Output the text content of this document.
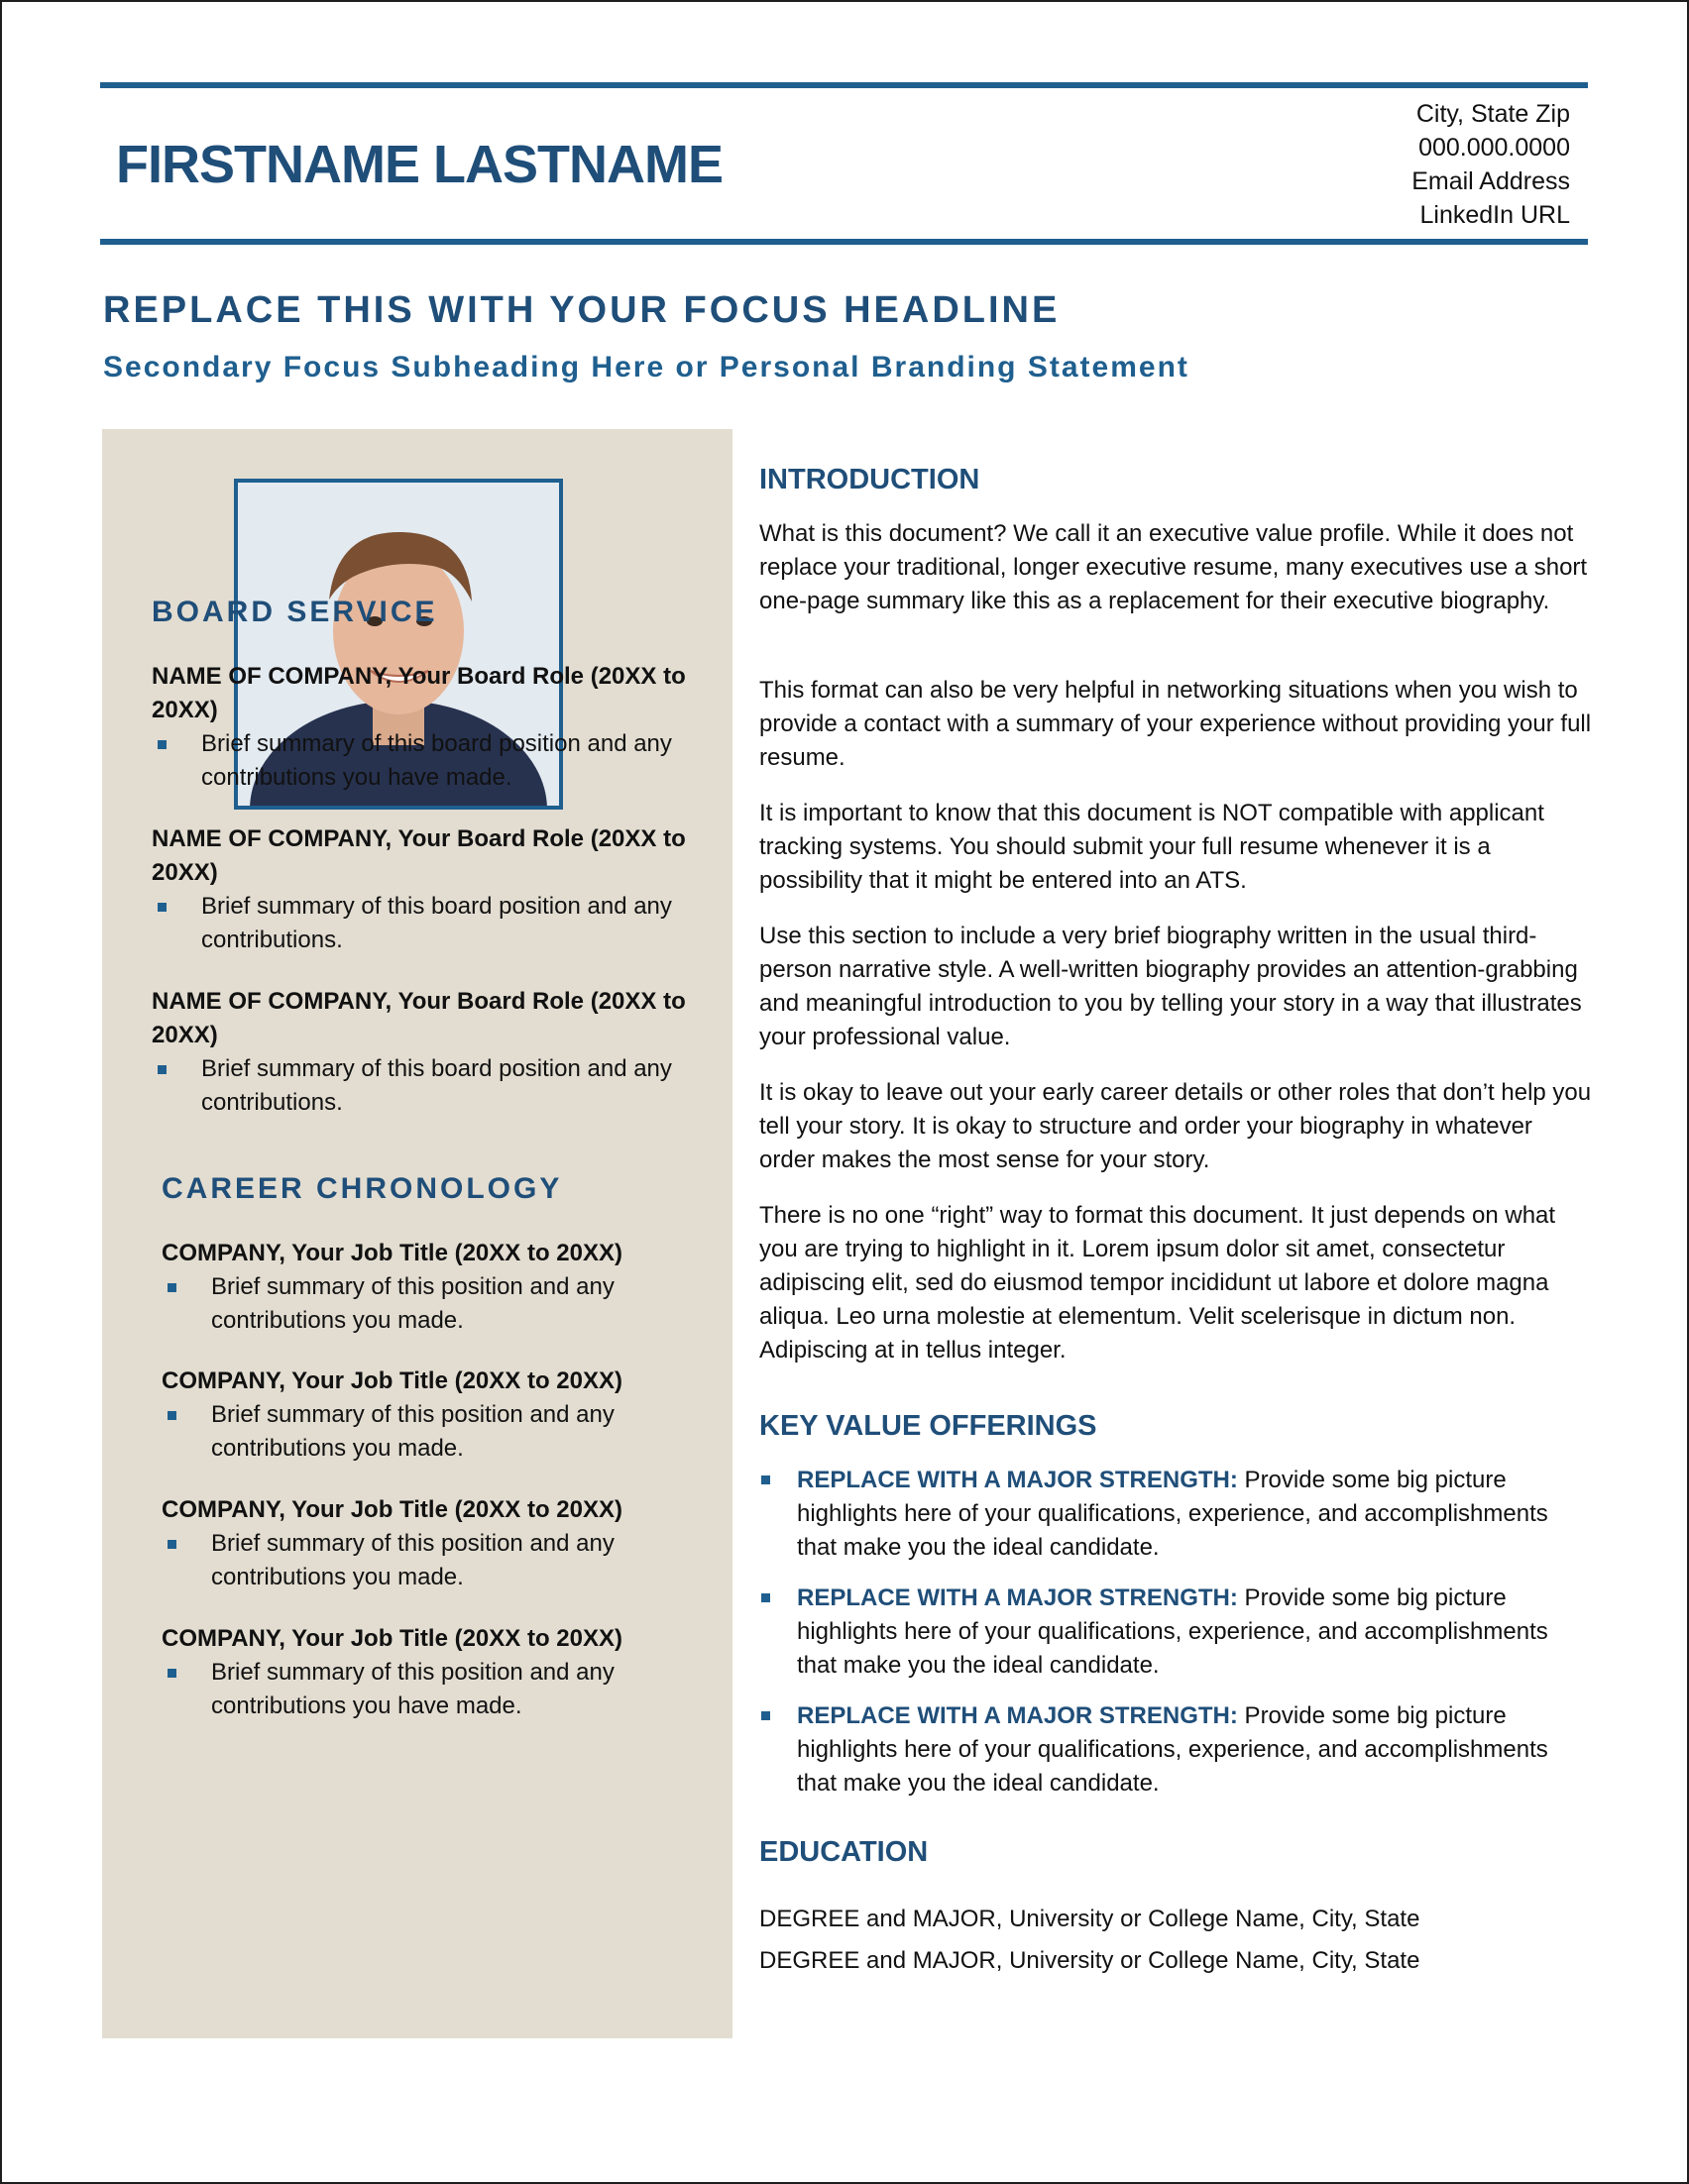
FIRSTNAME LASTNAME
City, State Zip
000.000.0000
Email Address
LinkedIn URL
REPLACE THIS WITH YOUR FOCUS HEADLINE
Secondary Focus Subheading Here or Personal Branding Statement
BOARD SERVICE
NAME OF COMPANY, Your Board Role (20XX to 20XX)
Brief summary of this board position and any contributions you have made.
NAME OF COMPANY, Your Board Role (20XX to 20XX)
Brief summary of this board position and any contributions.
NAME OF COMPANY, Your Board Role (20XX to 20XX)
Brief summary of this board position and any contributions.
CAREER CHRONOLOGY
COMPANY, Your Job Title (20XX to 20XX)
Brief summary of this position and any contributions you made.
COMPANY, Your Job Title (20XX to 20XX)
Brief summary of this position and any contributions you made.
COMPANY, Your Job Title (20XX to 20XX)
Brief summary of this position and any contributions you made.
COMPANY, Your Job Title (20XX to 20XX)
Brief summary of this position and any contributions you have made.
INTRODUCTION

What is this document? We call it an executive value profile. While it does not replace your traditional, longer executive resume, many executives use a short one-page summary like this as a replacement for their executive biography.

This format can also be very helpful in networking situations when you wish to provide a contact with a summary of your experience without providing your full resume.

It is important to know that this document is NOT compatible with applicant tracking systems. You should submit your full resume whenever it is a possibility that it might be entered into an ATS.

Use this section to include a very brief biography written in the usual third-person narrative style. A well-written biography provides an attention-grabbing and meaningful introduction to you by telling your story in a way that illustrates your professional value.

It is okay to leave out your early career details or other roles that don’t help you tell your story. It is okay to structure and order your biography in whatever order makes the most sense for your story.

There is no one “right” way to format this document. It just depends on what you are trying to highlight in it. Lorem ipsum dolor sit amet, consectetur adipiscing elit, sed do eiusmod tempor incididunt ut labore et dolore magna aliqua. Leo urna molestie at elementum. Velit scelerisque in dictum non. Adipiscing at in tellus integer.

KEY VALUE OFFERINGS
REPLACE WITH A MAJOR STRENGTH: Provide some big picture highlights here of your qualifications, experience, and accomplishments that make you the ideal candidate.
REPLACE WITH A MAJOR STRENGTH: Provide some big picture highlights here of your qualifications, experience, and accomplishments that make you the ideal candidate.
REPLACE WITH A MAJOR STRENGTH: Provide some big picture highlights here of your qualifications, experience, and accomplishments that make you the ideal candidate.
EDUCATION
DEGREE and MAJOR, University or College Name, City, State
DEGREE and MAJOR, University or College Name, City, State
